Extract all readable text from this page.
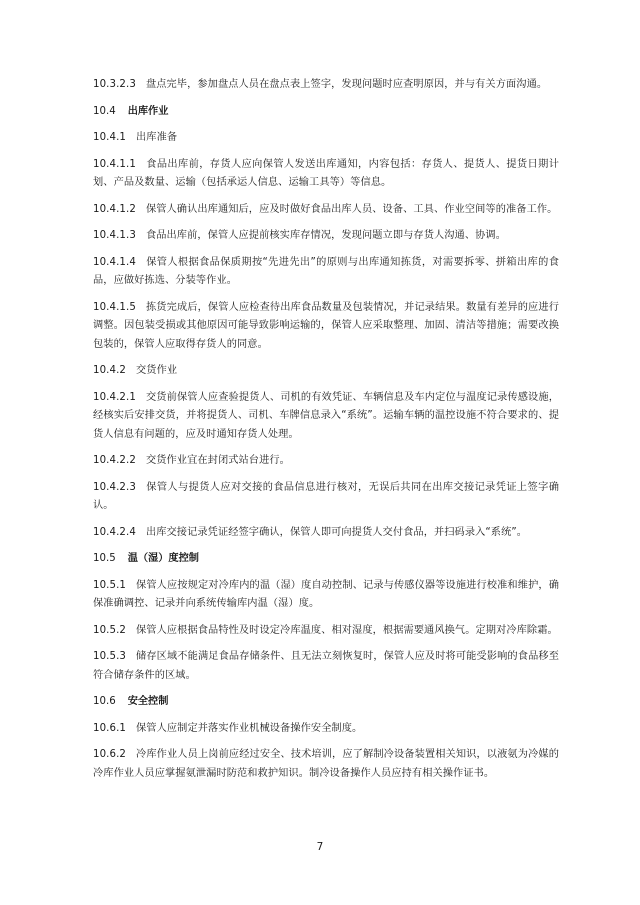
10.3.2.3 盘点完毕，参加盘点人员在盘点表上签字，发现问题时应查明原因，并与有关方面沟通。

10.4 出库作业

10.4.1 出库准备

10.4.1.1 食品出库前，存货人应向保管人发送出库通知，内容包括：存货人、提货人、提货日期计划、产品及数量、运输（包括承运人信息、运输工具等）等信息。

10.4.1.2 保管人确认出库通知后，应及时做好食品出库人员、设备、工具、作业空间等的准备工作。

10.4.1.3 食品出库前，保管人应提前核实库存情况，发现问题立即与存货人沟通、协调。

10.4.1.4 保管人根据食品保质期按“先进先出”的原则与出库通知拣货，对需要拆零、拼箱出库的食品，应做好拣选、分装等作业。

10.4.1.5 拣货完成后，保管人应检查待出库食品数量及包装情况，并记录结果。数量有差异的应进行调整。因包装受损或其他原因可能导致影响运输的，保管人应采取整理、加固、清洁等措施；需要改换包装的，保管人应取得存货人的同意。

10.4.2 交货作业

10.4.2.1 交货前保管人应查验提货人、司机的有效凭证、车辆信息及车内定位与温度记录传感设施，经核实后安排交货，并将提货人、司机、车牌信息录入“系统”。运输车辆的温控设施不符合要求的、提货人信息有问题的，应及时通知存货人处理。

10.4.2.2 交货作业宜在封闭式站台进行。

10.4.2.3 保管人与提货人应对交接的食品信息进行核对，无误后共同在出库交接记录凭证上签字确认。

10.4.2.4 出库交接记录凭证经签字确认，保管人即可向提货人交付食品，并扫码录入“系统”。

10.5 温（湿）度控制

10.5.1 保管人应按规定对冷库内的温（湿）度自动控制、记录与传感仪器等设施进行校准和维护，确保准确调控、记录并向系统传输库内温（湿）度。

10.5.2 保管人应根据食品特性及时设定冷库温度、相对湿度，根据需要通风换气。定期对冷库除霜。

10.5.3 储存区域不能满足食品存储条件、且无法立刻恢复时，保管人应及时将可能受影响的食品移至符合储存条件的区域。

10.6 安全控制

10.6.1 保管人应制定并落实作业机械设备操作安全制度。

10.6.2 冷库作业人员上岗前应经过安全、技术培训，应了解制冷设备装置相关知识，以液氨为冷媒的冷库作业人员应掌握氨泄漏时防范和救护知识。制冷设备操作人员应持有相关操作证书。

7
